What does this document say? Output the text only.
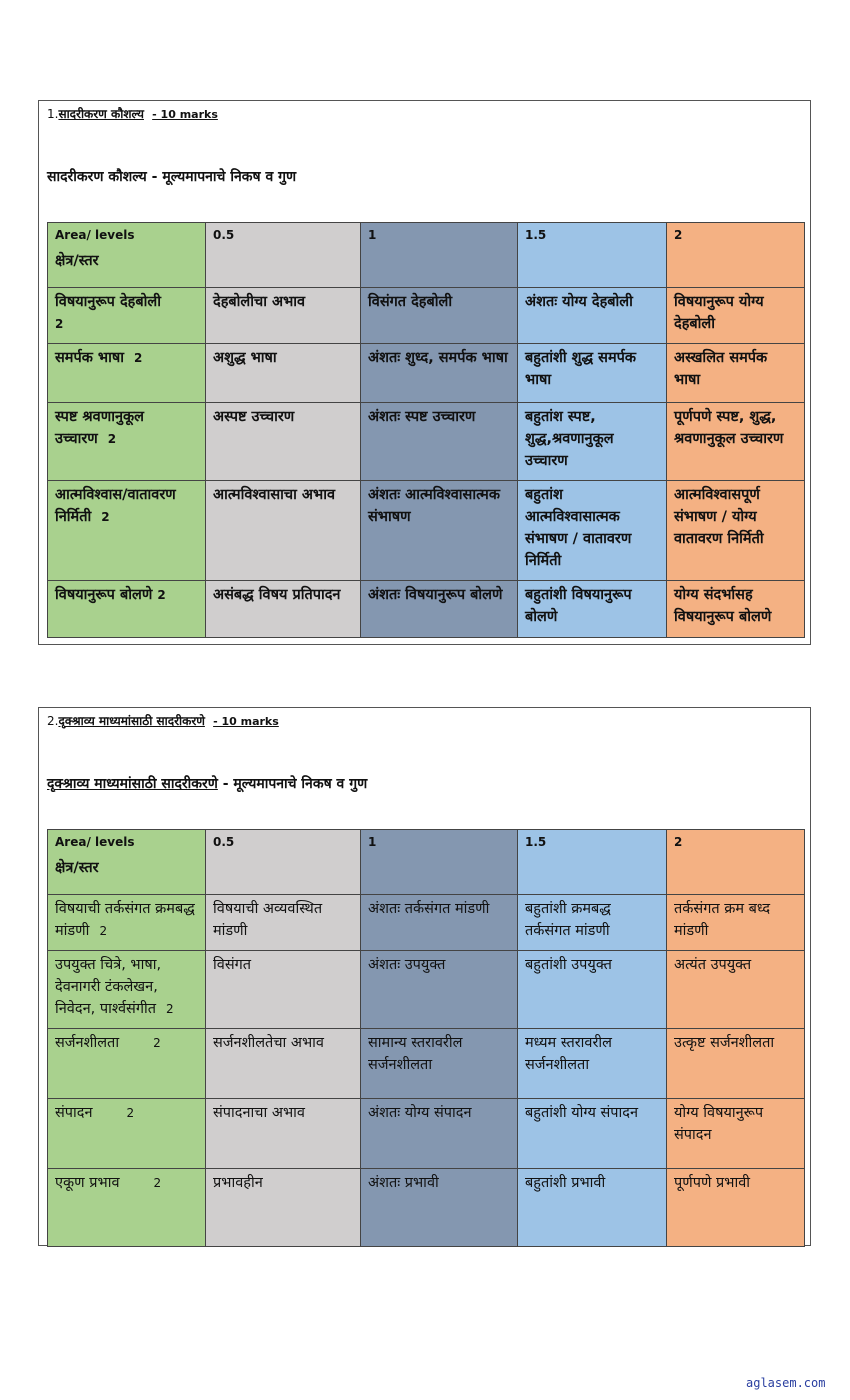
1.सादरीकरण कौशल्य - 10 marks
सादरीकरण कौशल्य - मूल्यमापनाचे निकष व गुण
Area/ levels
क्षेत्र/स्तर	0.5	1	1.5	2

विषयानुरूप देहबोली
2	देहबोलीचा अभाव	विसंगत देहबोली	अंशतः योग्य देहबोली	विषयानुरूप योग्य देहबोली
समर्पक भाषा 2	अशुद्ध भाषा	अंशतः शुध्द, समर्पक भाषा	बहुतांशी शुद्ध समर्पक भाषा	अस्खलित समर्पक भाषा
स्पष्ट श्रवणानुकूल उच्चारण 2	अस्पष्ट उच्चारण	अंशतः स्पष्ट उच्चारण	बहुतांश स्पष्ट, शुद्ध,श्रवणानुकूल उच्चारण	पूर्णपणे स्पष्ट, शुद्ध, श्रवणानुकूल उच्चारण
आत्मविश्वास/वातावरण निर्मिती 2	आत्मविश्वासाचा अभाव	अंशतः आत्मविश्वासात्मक संभाषण	बहुतांश आत्मविश्वासात्मक संभाषण / वातावरण निर्मिती	आत्मविश्वासपूर्ण संभाषण / योग्य वातावरण निर्मिती
विषयानुरूप बोलणे 2	असंबद्ध विषय प्रतिपादन	अंशतः विषयानुरूप बोलणे	बहुतांशी विषयानुरूप बोलणे	योग्य संदर्भासह विषयानुरूप बोलणे
2.दृक्श्राव्य माध्यमांसाठी सादरीकरणे - 10 marks
दृक्श्राव्य माध्यमांसाठी सादरीकरणे - मूल्यमापनाचे निकष व गुण
Area/ levels
क्षेत्र/स्तर	0.5	1	1.5	2

विषयाची तर्कसंगत क्रमबद्ध मांडणी 2	विषयाची अव्यवस्थित मांडणी	अंशतः तर्कसंगत मांडणी	बहुतांशी क्रमबद्ध तर्कसंगत मांडणी	तर्कसंगत क्रम बध्द मांडणी
उपयुक्त चित्रे, भाषा, देवनागरी टंकलेखन, निवेदन, पार्श्वसंगीत 2	विसंगत	अंशतः उपयुक्त	बहुतांशी उपयुक्त	अत्यंत उपयुक्त
सर्जनशीलता 2	सर्जनशीलतेचा अभाव	सामान्य स्तरावरील सर्जनशीलता	मध्यम स्तरावरील सर्जनशीलता	उत्कृष्ट सर्जनशीलता
संपादन 2	संपादनाचा अभाव	अंशतः योग्य संपादन	बहुतांशी योग्य संपादन	योग्य विषयानुरूप संपादन
एकूण प्रभाव 2	प्रभावहीन	अंशतः प्रभावी	बहुतांशी प्रभावी	पूर्णपणे प्रभावी
aglasem.com
